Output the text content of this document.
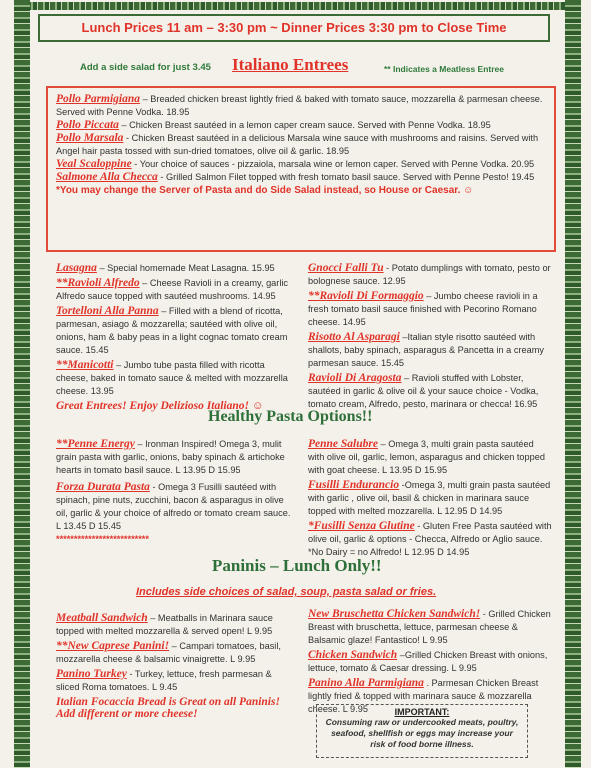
Lunch Prices 11 am – 3:30 pm ~ Dinner Prices 3:30 pm to Close Time
Add a side salad for just 3.45 Italiano Entrees	** Indicates a Meatless Entree
Pollo Parmigiana – Breaded chicken breast lightly fried & baked with tomato sauce, mozzarella & parmesan cheese. Served with Penne Vodka. 18.95
Pollo Piccata – Chicken Breast sautéed in a lemon caper cream sauce. Served with Penne Vodka. 18.95
Pollo Marsala - Chicken Breast sautéed in a delicious Marsala wine sauce with mushrooms and raisins. Served with Angel hair pasta tossed with sun-dried tomatoes, olive oil & garlic. 18.95
Veal Scaloppine - Your choice of sauces - pizzaiola, marsala wine or lemon caper. Served with Penne Vodka. 20.95
Salmone Alla Checca - Grilled Salmon Filet topped with fresh tomato basil sauce. Served with Penne Pesto! 19.45
*You may change the Server of Pasta and do Side Salad instead, so House or Caesar. ☺
Lasagna – Special homemade Meat Lasagna. 15.95
**Ravioli Alfredo – Cheese Ravioli in a creamy, garlic Alfredo sauce topped with sautéed mushrooms. 14.95
Tortelloni Alla Panna – Filled with a blend of ricotta, parmesan, asiago & mozzarella; sautéed with olive oil, onions, ham & baby peas in a light cognac tomato cream sauce. 15.45
**Manicotti – Jumbo tube pasta filled with ricotta cheese, baked in tomato sauce & melted with mozzarella cheese. 13.95
Great Entrees! Enjoy Delizioso Italiano! ☺
Gnocci Falli Tu - Potato dumplings with tomato, pesto or bolognese sauce. 12.95
**Ravioli Di Formaggio – Jumbo cheese ravioli in a fresh tomato basil sauce finished with Pecorino Romano cheese. 14.95
Risotto Al Asparagi –Italian style risotto sautéed with shallots, baby spinach, asparagus & Pancetta in a creamy parmesan sauce. 15.45
Ravioli Di Aragosta – Ravioli stuffed with Lobster, sautéed in garlic & olive oil & your sauce choice - Vodka, tomato cream, Alfredo, pesto, marinara or checca! 16.95
Healthy Pasta Options!!
**Penne Energy – Ironman Inspired! Omega 3, mulit grain pasta with garlic, onions, baby spinach & artichoke hearts in tomato basil sauce. L 13.95 D 15.95
Forza Durata Pasta - Omega 3 Fusilli sautéed with spinach, pine nuts, zucchini, bacon & asparagus in olive oil, garlic & your choice of alfredo or tomato cream sauce. L 13.45 D 15.45
**************************
Penne Salubre – Omega 3, multi grain pasta sautéed with olive oil, garlic, lemon, asparagus and chicken topped with goat cheese. L 13.95 D 15.95
Fusilli Endurancio -Omega 3, multi grain pasta sautéed with garlic , olive oil, basil & chicken in marinara sauce topped with melted mozzarella. L 12.95 D 14.95
*Fusilli Senza Glutine - Gluten Free Pasta sautéed with olive oil, garlic & options - Checca, Alfredo or Aglio sauce. *No Dairy = no Alfredo! L 12.95 D 14.95
Paninis – Lunch Only!!
Includes side choices of salad, soup, pasta salad or fries.
Meatball Sandwich – Meatballs in Marinara sauce topped with melted mozzarella & served open! L 9.95
**New Caprese Panini! – Campari tomatoes, basil, mozzarella cheese & balsamic vinaigrette. L 9.95
Panino Turkey - Turkey, lettuce, fresh parmesan & sliced Roma tomatoes. L 9.45
Italian Focaccia Bread is Great on all Paninis! Add different or more cheese!
New Bruschetta Chicken Sandwich! - Grilled Chicken Breast with bruschetta, lettuce, parmesan cheese & Balsamic glaze! Fantastico! L 9.95
Chicken Sandwich –Grilled Chicken Breast with onions, lettuce, tomato & Caesar dressing. L 9.95
Panino Alla Parmigiana . Parmesan Chicken Breast lightly fried & topped with marinara sauce & mozzarella cheese. L 9.95	IMPORTANT:
Consuming raw or undercooked meats, poultry, seafood, shellfish or eggs may increase your risk of food borne illness.
